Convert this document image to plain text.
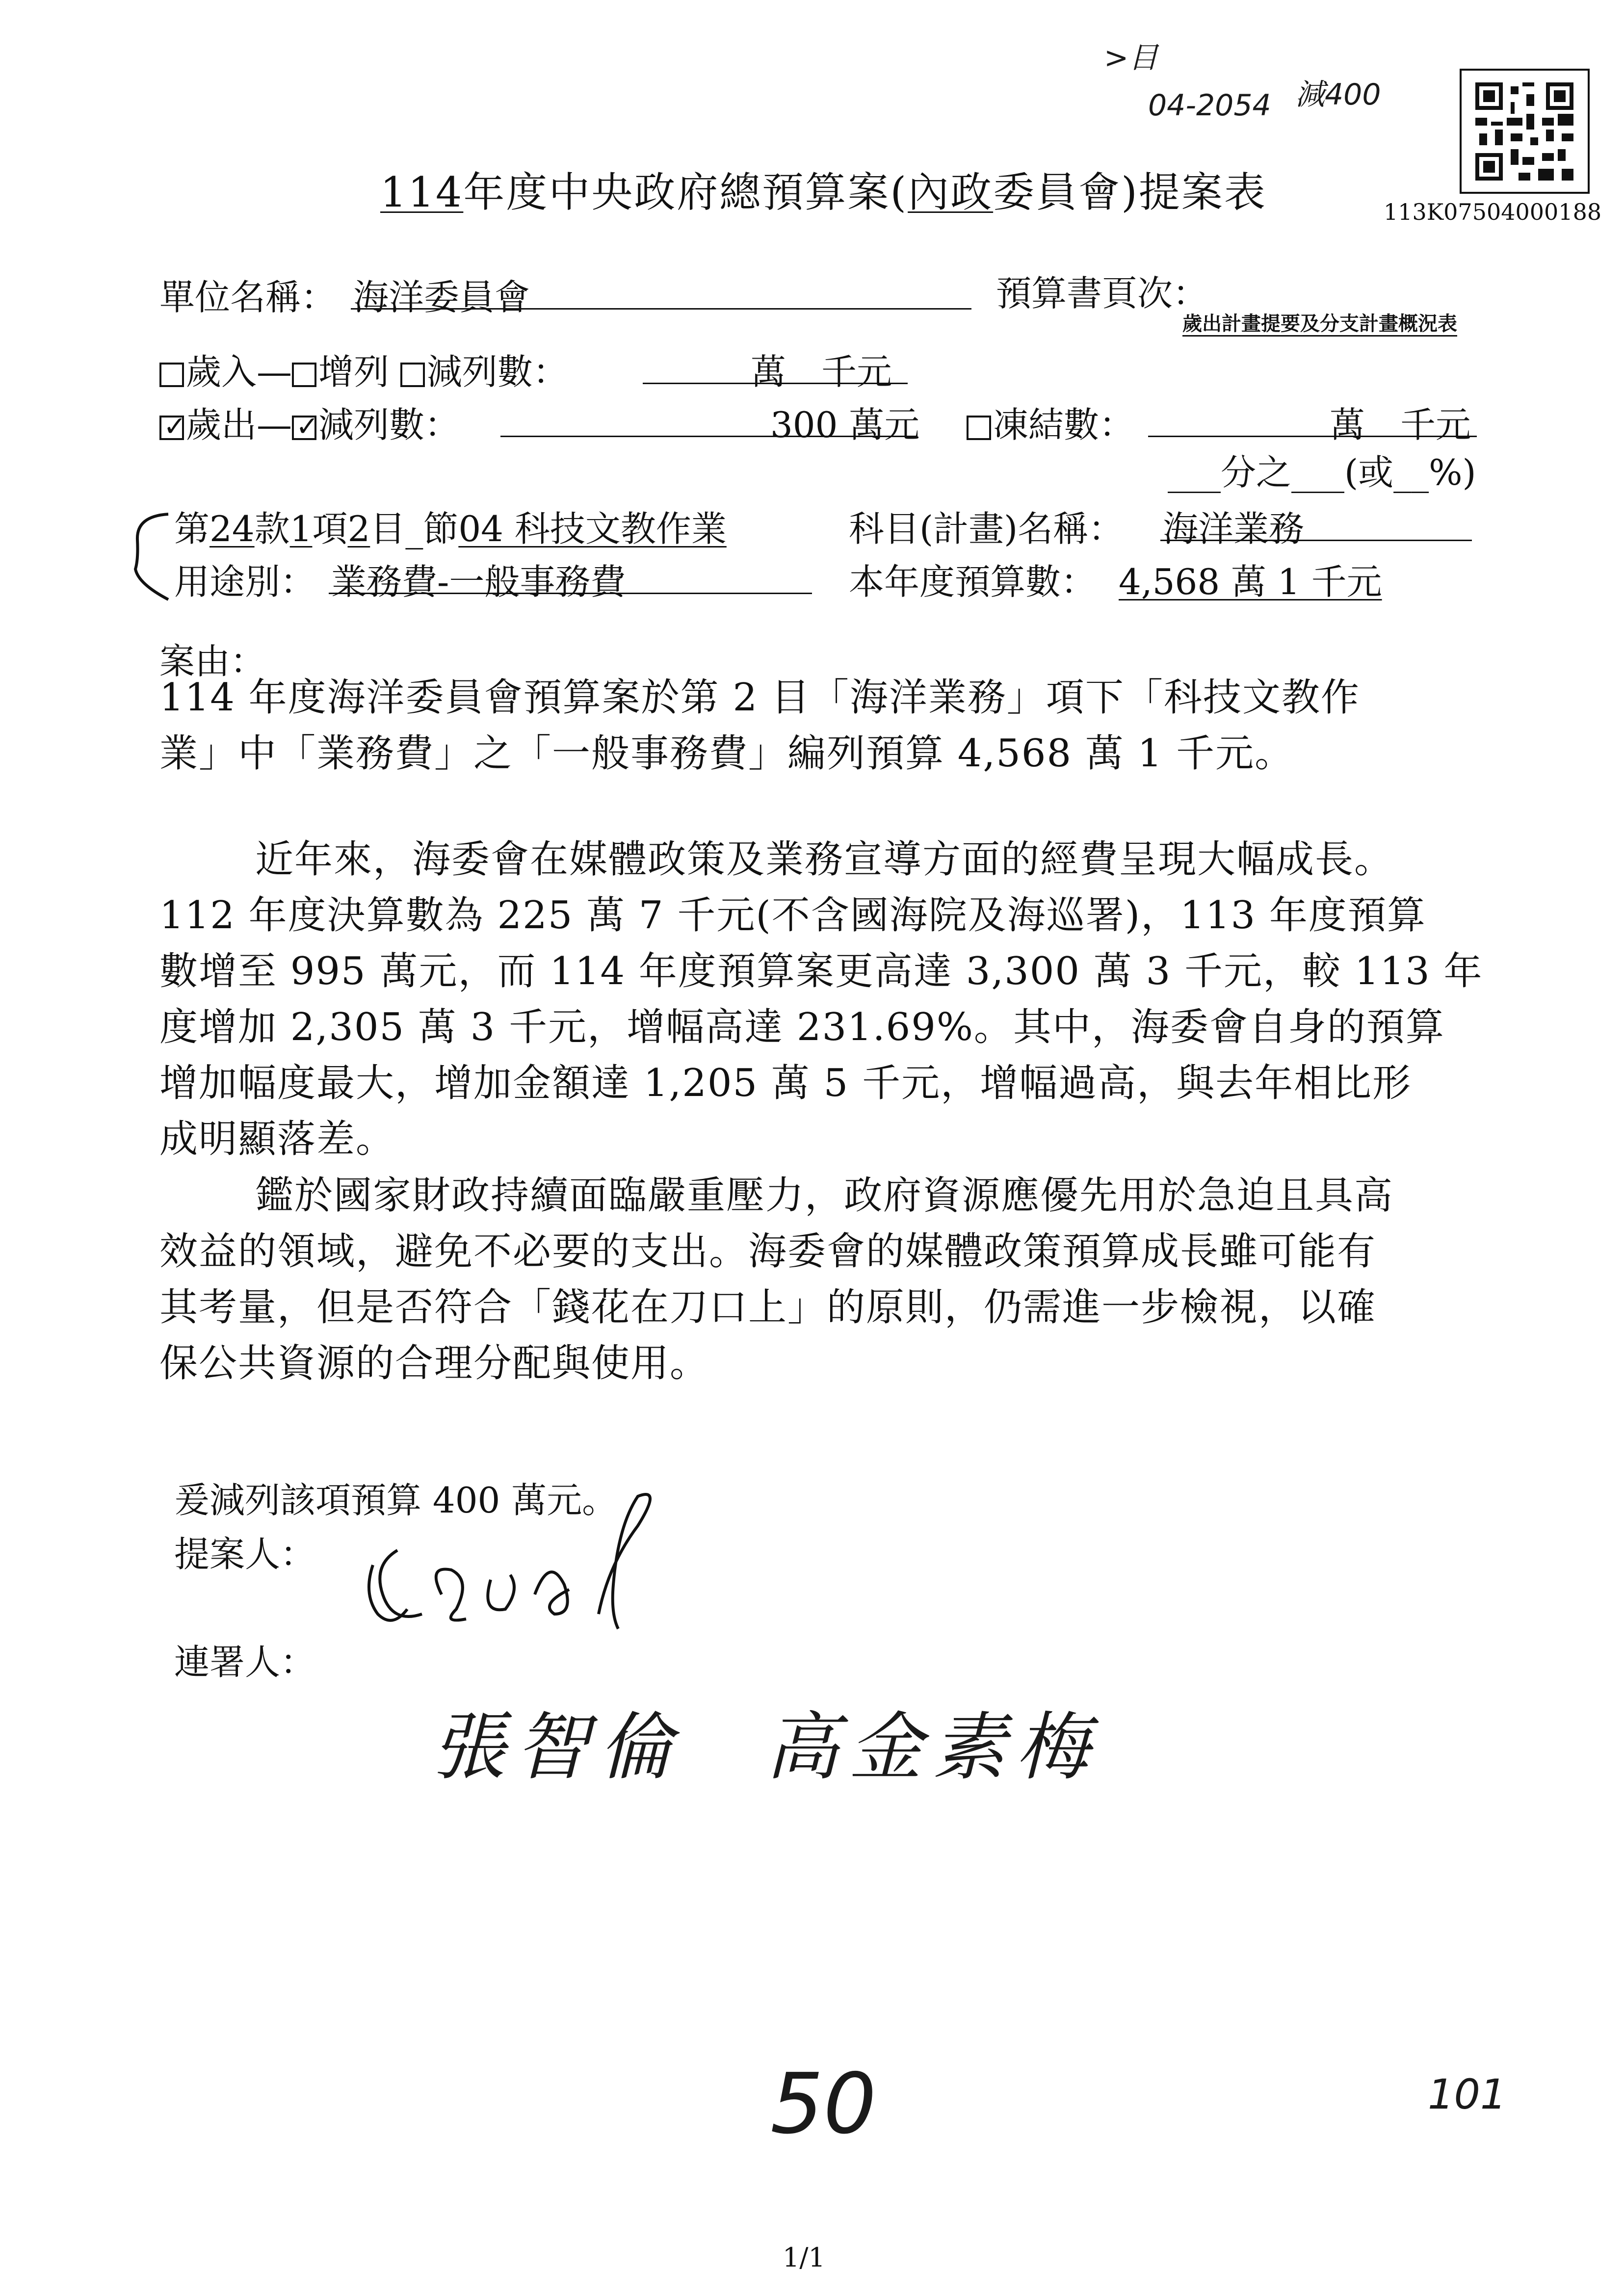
>目
04-2054 減400
113K07504000188
114年度中央政府總預算案(內政委員會)提案表
單位名稱： 海洋委員會	預算書頁次：
歲出計畫提要及分支計畫概況表
歲入— 增列 減列數：	萬　千元
✓歲出—✓ 減列數：	300 萬元	凍結數：	萬　千元
___分之___(或__%)
第24款1項2目_節04 科技文教作業	科目(計畫)名稱： 海洋業務
用途別： 業務費-一般事務費	本年度預算數： 4,568 萬 1 千元
案由：
114 年度海洋委員會預算案於第 2 目「海洋業務」項下「科技文教作
業」中「業務費」之「一般事務費」編列預算 4,568 萬 1 千元。
近年來，海委會在媒體政策及業務宣導方面的經費呈現大幅成長。
112 年度決算數為 225 萬 7 千元(不含國海院及海巡署)，113 年度預算
數增至 995 萬元，而 114 年度預算案更高達 3,300 萬 3 千元，較 113 年
度增加 2,305 萬 3 千元，增幅高達 231.69%。其中，海委會自身的預算
增加幅度最大，增加金額達 1,205 萬 5 千元，增幅過高，與去年相比形
成明顯落差。
鑑於國家財政持續面臨嚴重壓力，政府資源應優先用於急迫且具高
效益的領域，避免不必要的支出。海委會的媒體政策預算成長雖可能有
其考量，但是否符合「錢花在刀口上」的原則，仍需進一步檢視，以確
保公共資源的合理分配與使用。
爰減列該項預算 400 萬元。
提案人：
連署人：
張智倫　高金素梅
50	101
1/1
